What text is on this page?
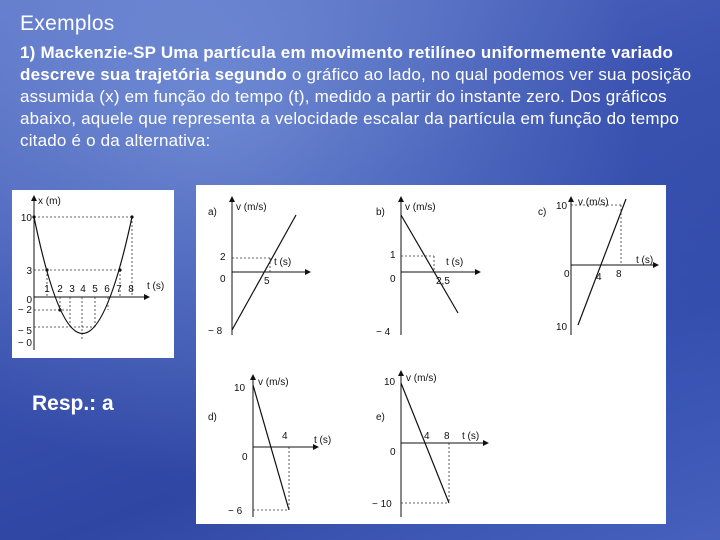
Exemplos
1) Mackenzie-SP Uma partícula em movimento retilíneo uniformemente variado descreve sua trajetória segundo o gráfico ao lado, no qual podemos ver sua posição assumida (x) em função do tempo (t), medido a partir do instante zero. Dos gráficos abaixo, aquele que representa a velocidade escalar da partícula em função do tempo citado é o da alternativa:
x (m)
t (s)
10
3
0
− 2
− 5
− 0
1 2 3 4 5 6 7 8
a) v (m/s)
t (s)
2
0	5
− 8
b) v (m/s)
t (s)
1
0	2,5
− 4
c)
v (m/s)
t (s)
10
0	4 8
10
d)
v (m/s)
t (s)
10
0
4
− 6
e)
v (m/s)
t (s)
10
0
4 8
− 10
Resp.: a
